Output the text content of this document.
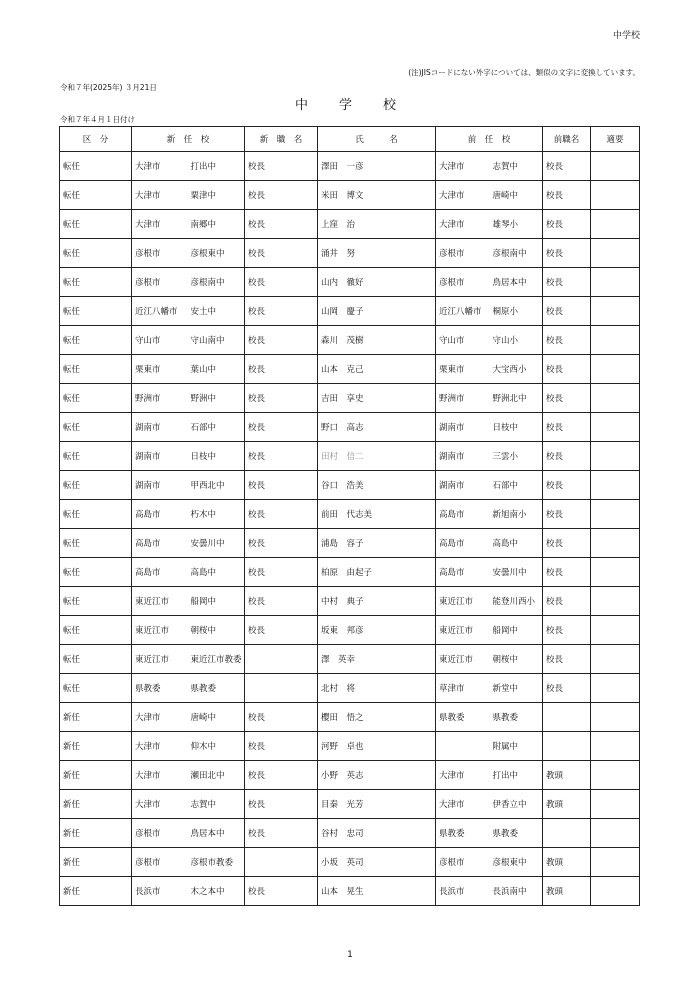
中学校
(注)JISコードにない外字については、類似の文字に変換しています。
令和７年(2025年) ３月21日
中　学　校
令和７年４月１日付け
区　分	新　任　校		新　職　名	氏　　　名	前　任　校		前職名	適要
転任	大津市	打出中	校長	澤田　一彦	大津市	志賀中	校長	
転任	大津市	粟津中	校長	米田　博文	大津市	唐崎中	校長	
転任	大津市	南郷中	校長	上窪　治	大津市	雄琴小	校長	
転任	彦根市	彦根東中	校長	涌井　努	彦根市	彦根南中	校長	
転任	彦根市	彦根南中	校長	山内　徹好	彦根市	鳥居本中	校長	
転任	近江八幡市	安土中	校長	山岡　慶子	近江八幡市	桐原小	校長	
転任	守山市	守山南中	校長	森川　茂樹	守山市	守山小	校長	
転任	栗東市	葉山中	校長	山本　克己	栗東市	大宝西小	校長	
転任	野洲市	野洲中	校長	吉田　享史	野洲市	野洲北中	校長	
転任	湖南市	石部中	校長	野口　高志	湖南市	日枝中	校長	
転任	湖南市	日枝中	校長	田村　信二	湖南市	三雲小	校長	
転任	湖南市	甲西北中	校長	谷口　浩美	湖南市	石部中	校長	
転任	高島市	朽木中	校長	前田　代志美	高島市	新旭南小	校長	
転任	高島市	安曇川中	校長	浦島　容子	高島市	高島中	校長	
転任	高島市	高島中	校長	柏原　由起子	高島市	安曇川中	校長	
転任	東近江市	船岡中	校長	中村　典子	東近江市	能登川西小	校長	
転任	東近江市	朝桜中	校長	坂東　邦彦	東近江市	船岡中	校長	
転任	東近江市	東近江市教委		澤　英幸	東近江市	朝桜中	校長	
転任	県教委	県教委		北村　将	草津市	新堂中	校長	
新任	大津市	唐崎中	校長	櫻田　悟之	県教委	県教委		
新任	大津市	仰木中	校長	河野　卓也		附属中		
新任	大津市	瀬田北中	校長	小野　英志	大津市	打出中	教頭	
新任	大津市	志賀中	校長	目秦　光芳	大津市	伊香立中	教頭	
新任	彦根市	鳥居本中	校長	谷村　忠司	県教委	県教委		
新任	彦根市	彦根市教委		小坂　英司	彦根市	彦根東中	教頭	
新任	長浜市	木之本中	校長	山本　晃生	長浜市	長浜南中	教頭	
1
